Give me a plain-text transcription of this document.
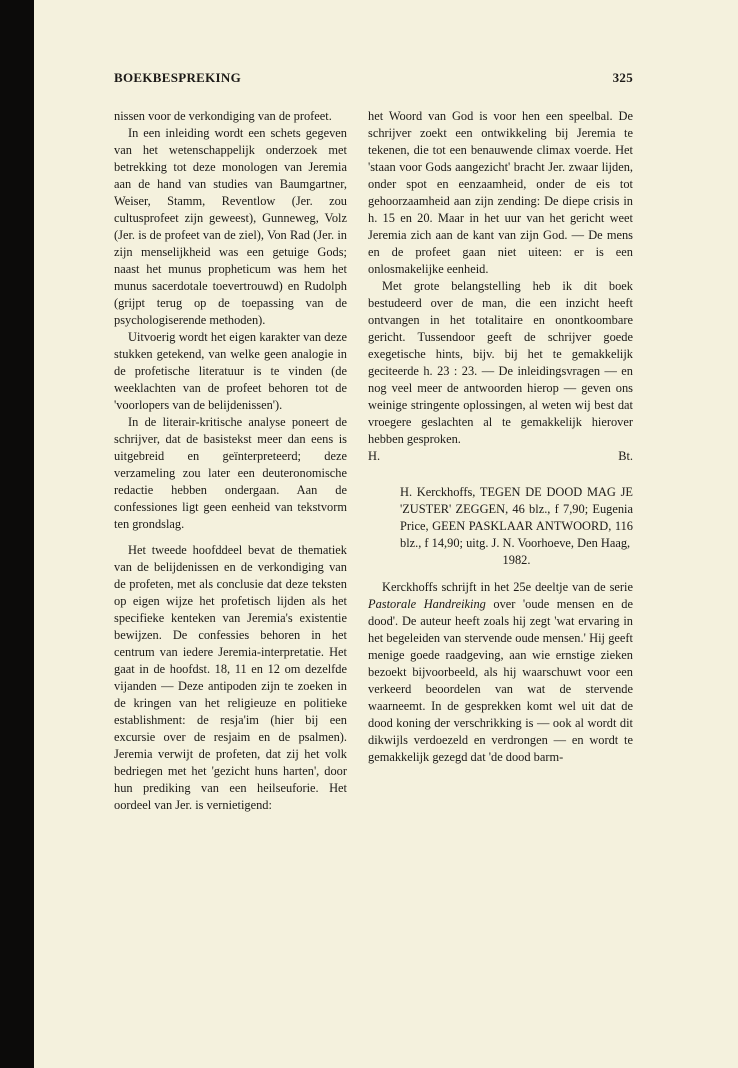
BOEKBESPREKING	325

nissen voor de verkondiging van de profeet.

In een inleiding wordt een schets gegeven van het wetenschappelijk onderzoek met betrekking tot deze monologen van Jeremia aan de hand van studies van Baumgartner, Weiser, Stamm, Reventlow (Jer. zou cultusprofeet zijn geweest), Gunneweg, Volz (Jer. is de profeet van de ziel), Von Rad (Jer. in zijn menselijkheid was een getuige Gods; naast het munus propheticum was hem het munus sacerdotale toevertrouwd) en Rudolph (grijpt terug op de toepassing van de psychologiserende methoden).

Uitvoerig wordt het eigen karakter van deze stukken getekend, van welke geen analogie in de profetische literatuur is te vinden (de weeklachten van de profeet behoren tot de 'voorlopers van de belijdenissen').

In de literair-kritische analyse poneert de schrijver, dat de basistekst meer dan eens is uitgebreid en geïnterpreteerd; deze verzameling zou later een deuteronomische redactie hebben ondergaan. Aan de confessiones ligt geen eenheid van tekstvorm ten grondslag.

Het tweede hoofddeel bevat de thematiek van de belijdenissen en de verkondiging van de profeten, met als conclusie dat deze teksten op eigen wijze het profetisch lijden als het specifieke kenteken van Jeremia's existentie bewijzen. De confessies behoren in het centrum van iedere Jeremia-interpretatie. Het gaat in de hoofdst. 18, 11 en 12 om dezelfde vijanden — Deze antipoden zijn te zoeken in de kringen van het religieuze en politieke establishment: de resja'im (hier bij een excursie over de resjaim en de psalmen). Jeremia verwijt de profeten, dat zij het volk bedriegen met het 'gezicht huns harten', door hun prediking van een heilseuforie. Het oordeel van Jer. is vernietigend:

het Woord van God is voor hen een speelbal. De schrijver zoekt een ontwikkeling bij Jeremia te tekenen, die tot een benauwende climax voerde. Het 'staan voor Gods aangezicht' bracht Jer. zwaar lijden, onder spot en eenzaamheid, onder de eis tot gehoorzaamheid aan zijn zending: De diepe crisis in h. 15 en 20. Maar in het uur van het gericht weet Jeremia zich aan de kant van zijn God. — De mens en de profeet gaan niet uiteen: er is een onlosmakelijke eenheid.

Met grote belangstelling heb ik dit boek bestudeerd over de man, die een inzicht heeft ontvangen in het totalitaire en onontkoombare gericht. Tussendoor geeft de schrijver goede exegetische hints, bijv. bij het te gemakkelijk geciteerde h. 23 : 23. — De inleidingsvragen — en nog veel meer de antwoorden hierop — geven ons weinige stringente oplossingen, al weten wij best dat vroegere geslachten al te gemakkelijk hierover hebben gesproken.

H.	Bt.
H. Kerckhoffs, TEGEN DE DOOD MAG JE 'ZUSTER' ZEGGEN, 46 blz., f 7,90; Eugenia Price, GEEN PASKLAAR ANTWOORD, 116 blz., f 14,90; uitg. J. N. Voorhoeve, Den Haag,
1982.

Kerckhoffs schrijft in het 25e deeltje van de serie Pastorale Handreiking over 'oude mensen en de dood'. De auteur heeft zoals hij zegt 'wat ervaring in het begeleiden van stervende oude mensen.' Hij geeft menige goede raadgeving, aan wie ernstige zieken bezoekt bijvoorbeeld, als hij waarschuwt voor een verkeerd beoordelen van wat de stervende waarneemt. In de gesprekken komt wel uit dat de dood koning der verschrikking is — ook al wordt dit dikwijls verdoezeld en verdrongen — en wordt te gemakkelijk gezegd dat 'de dood barm-
